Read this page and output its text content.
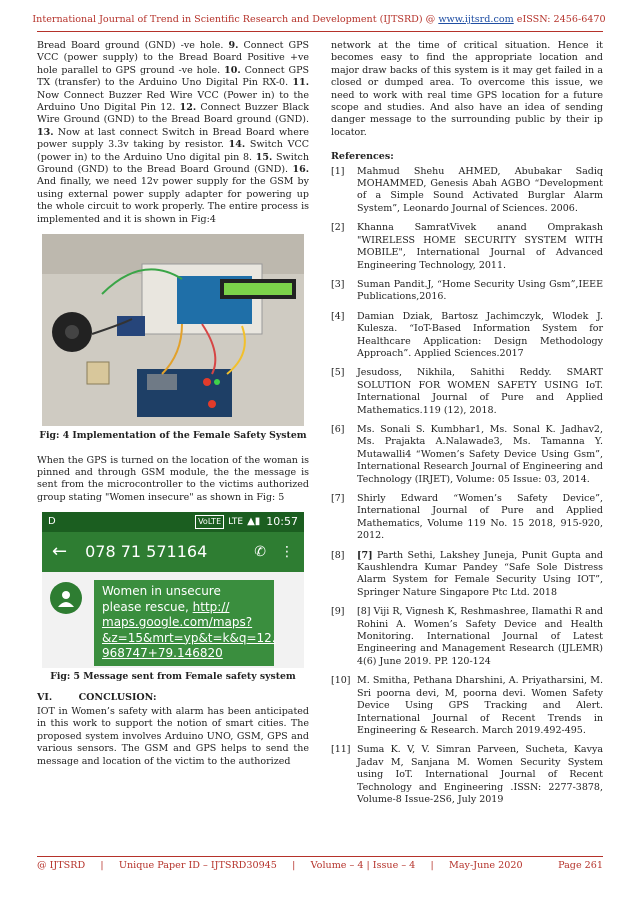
International Journal of Trend in Scientific Research and Development (IJTSRD) @ www.ijtsrd.com eISSN: 2456-6470

Bread Board ground (GND) -ve hole. 9. Connect GPS VCC (power supply) to the Bread Board Positive +ve hole parallel to GPS ground -ve hole. 10. Connect GPS TX (transfer) to the Arduino Uno Digital Pin RX-0. 11. Now Connect Buzzer Red Wire VCC (Power in) to the Arduino Uno Digital Pin 12. 12. Connect Buzzer Black Wire Ground (GND) to the Bread Board ground (GND). 13. Now at last connect Switch in Bread Board where power supply 3.3v taking by resistor. 14. Switch VCC (power in) to the Arduino Uno digital pin 8. 15. Switch Ground (GND) to the Bread Board Ground (GND). 16. And finally, we need 12v power supply for the GSM by using external power supply adapter for powering up the whole circuit to work properly. The entire process is implemented and it is shown in Fig:4

Fig: 4 Implementation of the Female Safety System

When the GPS is turned on the location of the woman is pinned and through GSM module, the the message is sent from the microcontroller to the victims authorized group stating "Women insecure" as shown in Fig: 5

D	VoLTE LTE ▲▮ 10:57
← 078 71 571164	✆ ⋮
Women in unsecure
please rescue, http://
maps.google.com/maps?
&z=15&mrt=yp&t=k&q=12.
968747+79.146820
Fig: 5 Message sent from Female safety system
VI.        CONCLUSION:

IOT in Women’s safety with alarm has been anticipated in this work to support the notion of smart cities. The proposed system involves Arduino UNO, GSM, GPS and various sensors. The GSM and GPS helps to send the message and location of the victim to the authorized

network at the time of critical situation. Hence it becomes easy to find the appropriate location and major draw backs of this system is it may get failed in a closed or dumped area. To overcome this issue, we need to work with real time GPS location for a future scope and studies. And also have an idea of sending danger message to the surrounding public by their ip locator.

References:
[1]	Mahmud Shehu AHMED, Abubakar Sadiq MOHAMMED, Genesis Abah AGBO “Development of a Simple Sound Activated Burglar Alarm System”, Leonardo Journal of Sciences. 2006.
[2]	Khanna SamratVivek anand Omprakash "WIRELESS HOME SECURITY SYSTEM WITH MOBILE", International Journal of Advanced Engineering Technology, 2011.
[3]	Suman Pandit.J, “Home Security Using Gsm”,IEEE Publications,2016.
[4]	Damian Dziak, Bartosz Jachimczyk, Wlodek J. Kulesza. “IoT-Based Information System for Healthcare Application: Design Methodology Approach”. Applied Sciences.2017
[5]	Jesudoss, Nikhila, Sahithi Reddy. SMART SOLUTION FOR WOMEN SAFETY USING IoT. International Journal of Pure and Applied Mathematics.119 (12), 2018.
[6]	Ms. Sonali S. Kumbhar1, Ms. Sonal K. Jadhav2, Ms. Prajakta A.Nalawade3, Ms. Tamanna Y. Mutawalli4 “Women’s Safety Device Using Gsm”, International Research Journal of Engineering and Technology (IRJET), Volume: 05 Issue: 03, 2014.
[7]	Shirly Edward “Women’s Safety Device”, International Journal of Pure and Applied Mathematics, Volume 119 No. 15 2018, 915-920, 2012.
[8]	[7] Parth Sethi, Lakshey Juneja, Punit Gupta and Kaushlendra Kumar Pandey “Safe Sole Distress Alarm System for Female Security Using IOT”, Springer Nature Singapore Ptc Ltd. 2018
[9]	[8] Viji R, Vignesh K, Reshmashree, Ilamathi R and Rohini A. Women’s Safety Device and Health Monitoring. International Journal of Latest Engineering and Management Research (IJLEMR) 4(6) June 2019. PP. 120-124
[10] M. Smitha, Pethana Dharshini, A. Priyatharsini, M. Sri poorna devi, M, poorna devi. Women Safety Device Using GPS Tracking and Alert. International Journal of Recent Trends in Engineering & Research. March 2019.492-495.
[11] Suma K. V, V. Simran Parveen, Sucheta, Kavya Jadav M, Sanjana M. Women Security System using IoT. International Journal of Recent Technology and Engineering .ISSN: 2277-3878, Volume-8 Issue-2S6, July 2019
@ IJTSRD     |     Unique Paper ID – IJTSRD30945     |     Volume – 4 | Issue – 4     |     May-June 2020	Page 261
